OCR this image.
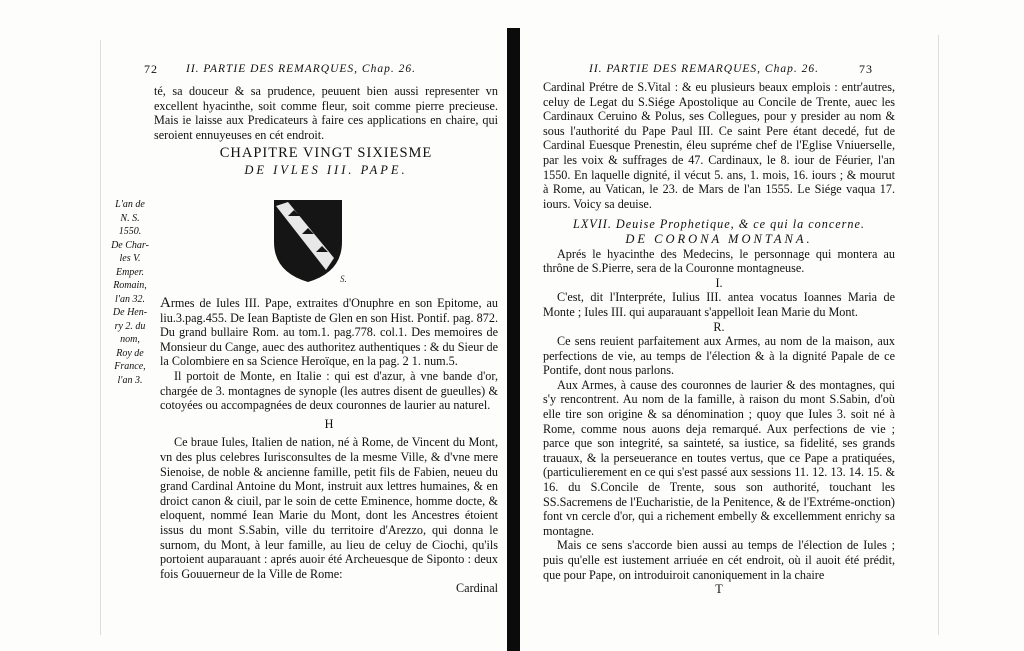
72 II. PARTIE DES REMARQUES, Chap. 26.

té, sa douceur & sa prudence, peuuent bien aussi representer vn excellent hyacinthe, soit comme fleur, soit comme pierre precieuse. Mais ie laisse aux Predicateurs à faire ces applications en chaire, qui seroient ennuyeuses en cét endroit.

CHAPITRE VINGT SIXIESME
DE IVLES III. PAPE.
L'an de
N. S.
1550.
De Char-
les V.
Emper.
Romain,
l'an 32.
De Hen-
ry 2. du
nom,
Roy de
France,
l'an 3.
S.

Armes de Iules III. Pape, extraites d'Onuphre en son Epitome, au liu.3.pag.455. De Iean Baptiste de Glen en son Hist. Pontif. pag. 872. Du grand bullaire Rom. au tom.1. pag.778. col.1. Des memoires de Monsieur du Cange, auec des authoritez authentiques : & du Sieur de la Colombiere en sa Science Heroïque, en la pag. 2 1. num.5.

Il portoit de Monte, en Italie : qui est d'azur, à vne bande d'or, chargée de 3. montagnes de synople (les autres disent de gueulles) & cotoyées ou accompagnées de deux couronnes de laurier au naturel.

H

Ce braue Iules, Italien de nation, né à Rome, de Vincent du Mont, vn des plus celebres Iurisconsultes de la mesme Ville, & d'vne mere Sienoise, de noble & ancienne famille, petit fils de Fabien, neueu du grand Cardinal Antoine du Mont, instruit aux lettres humaines, & en droict canon & ciuil, par le soin de cette Eminence, homme docte, & eloquent, nommé Iean Marie du Mont, dont les Ancestres étoient issus du mont S.Sabin, ville du territoire d'Arezzo, qui donna le surnom, du Mont, à leur famille, au lieu de celuy de Ciochi, qu'ils portoient auparauant : aprés auoir été Archeuesque de Siponto : deux fois Gouuerneur de la Ville de Rome:

Cardinal
II. PARTIE DES REMARQUES, Chap. 26.	73

Cardinal Prétre de S.Vital : & eu plusieurs beaux emplois : entr'autres, celuy de Legat du S.Siége Apostolique au Concile de Trente, auec les Cardinaux Ceruino & Polus, ses Collegues, pour y presider au nom & sous l'authorité du Pape Paul III. Ce saint Pere étant decedé, fut de Cardinal Euesque Prenestin, éleu supréme chef de l'Eglise Vniuerselle, par les voix & suffrages de 47. Cardinaux, le 8. iour de Féurier, l'an 1550. En laquelle dignité, il vécut 5. ans, 1. mois, 16. iours ; & mourut à Rome, au Vatican, le 23. de Mars de l'an 1555. Le Siége vaqua 17. iours. Voicy sa deuise.

LXVII. Deuise Prophetique, & ce qui la concerne.
DE CORONA MONTANA.

Aprés le hyacinthe des Medecins, le personnage qui montera au thrône de S.Pierre, sera de la Couronne montagneuse.

I.

C'est, dit l'Interpréte, Iulius III. antea vocatus Ioannes Maria de Monte ; Iules III. qui auparauant s'appelloit Iean Marie du Mont.

R.

Ce sens reuient parfaitement aux Armes, au nom de la maison, aux perfections de vie, au temps de l'élection & à la dignité Papale de ce Pontife, dont nous parlons.

Aux Armes, à cause des couronnes de laurier & des montagnes, qui s'y rencontrent. Au nom de la famille, à raison du mont S.Sabin, d'où elle tire son origine & sa dénomination ; quoy que Iules 3. soit né à Rome, comme nous auons deja remarqué. Aux perfections de vie ; parce que son integrité, sa sainteté, sa iustice, sa fidelité, ses grands trauaux, & la perseuerance en toutes vertus, que ce Pape a pratiquées, (particulierement en ce qui s'est passé aux sessions 11. 12. 13. 14. 15. & 16. du S.Concile de Trente, sous son authorité, touchant les SS.Sacremens de l'Eucharistie, de la Penitence, & de l'Extréme-onction) font vn cercle d'or, qui a richement embelly & excellemment enrichy sa montagne.

Mais ce sens s'accorde bien aussi au temps de l'élection de Iules ; puis qu'elle est iustement arriuée en cét endroit, où il auoit été prédit, que pour Pape, on introduiroit canoniquement in la chaire

T
